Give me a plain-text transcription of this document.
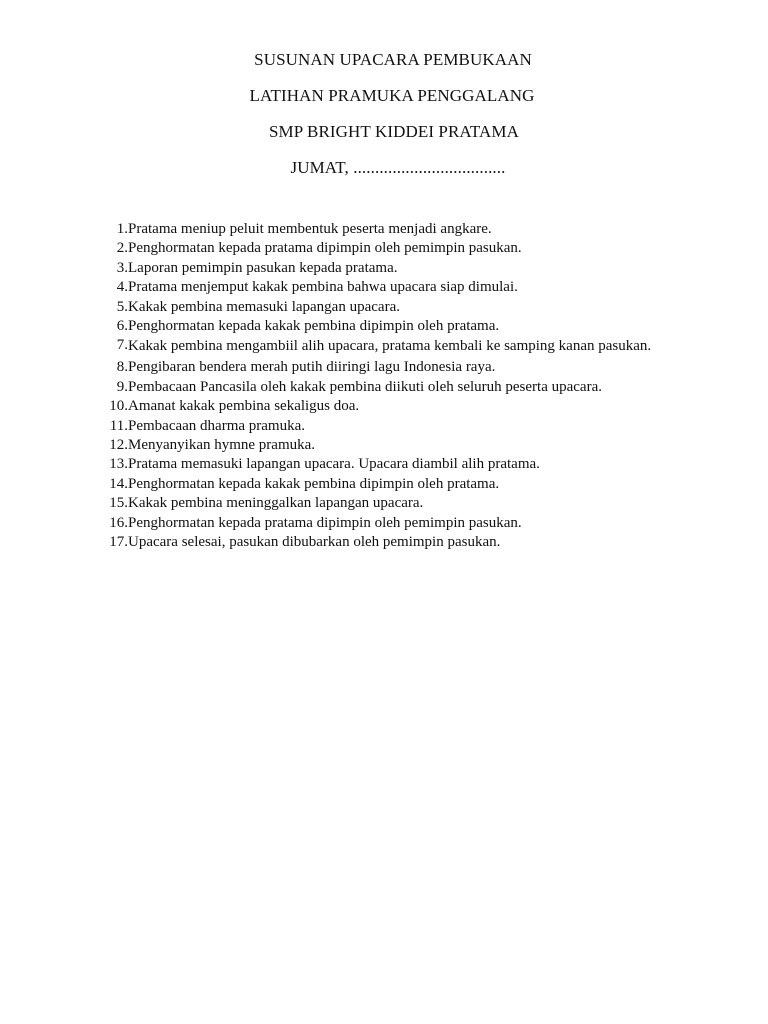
SUSUNAN UPACARA PEMBUKAAN
LATIHAN PRAMUKA PENGGALANG
SMP BRIGHT KIDDEI PRATAMA
JUMAT, ...................................
1. Pratama meniup peluit membentuk peserta menjadi angkare.
2. Penghormatan kepada pratama dipimpin oleh pemimpin pasukan.
3. Laporan pemimpin pasukan kepada pratama.
4. Pratama menjemput kakak pembina bahwa upacara siap dimulai.
5. Kakak pembina memasuki lapangan upacara.
6. Penghormatan kepada kakak pembina dipimpin oleh pratama.
7. Kakak pembina mengambiil alih upacara, pratama kembali ke samping kanan pasukan.
8. Pengibaran bendera merah putih diiringi lagu Indonesia raya.
9. Pembacaan Pancasila oleh kakak pembina diikuti oleh seluruh peserta upacara.
10. Amanat kakak pembina sekaligus doa.
11. Pembacaan dharma pramuka.
12. Menyanyikan hymne pramuka.
13. Pratama memasuki lapangan upacara. Upacara diambil alih pratama.
14. Penghormatan kepada kakak pembina dipimpin oleh pratama.
15. Kakak pembina meninggalkan lapangan upacara.
16. Penghormatan kepada pratama dipimpin oleh pemimpin pasukan.
17. Upacara selesai, pasukan dibubarkan oleh pemimpin pasukan.
